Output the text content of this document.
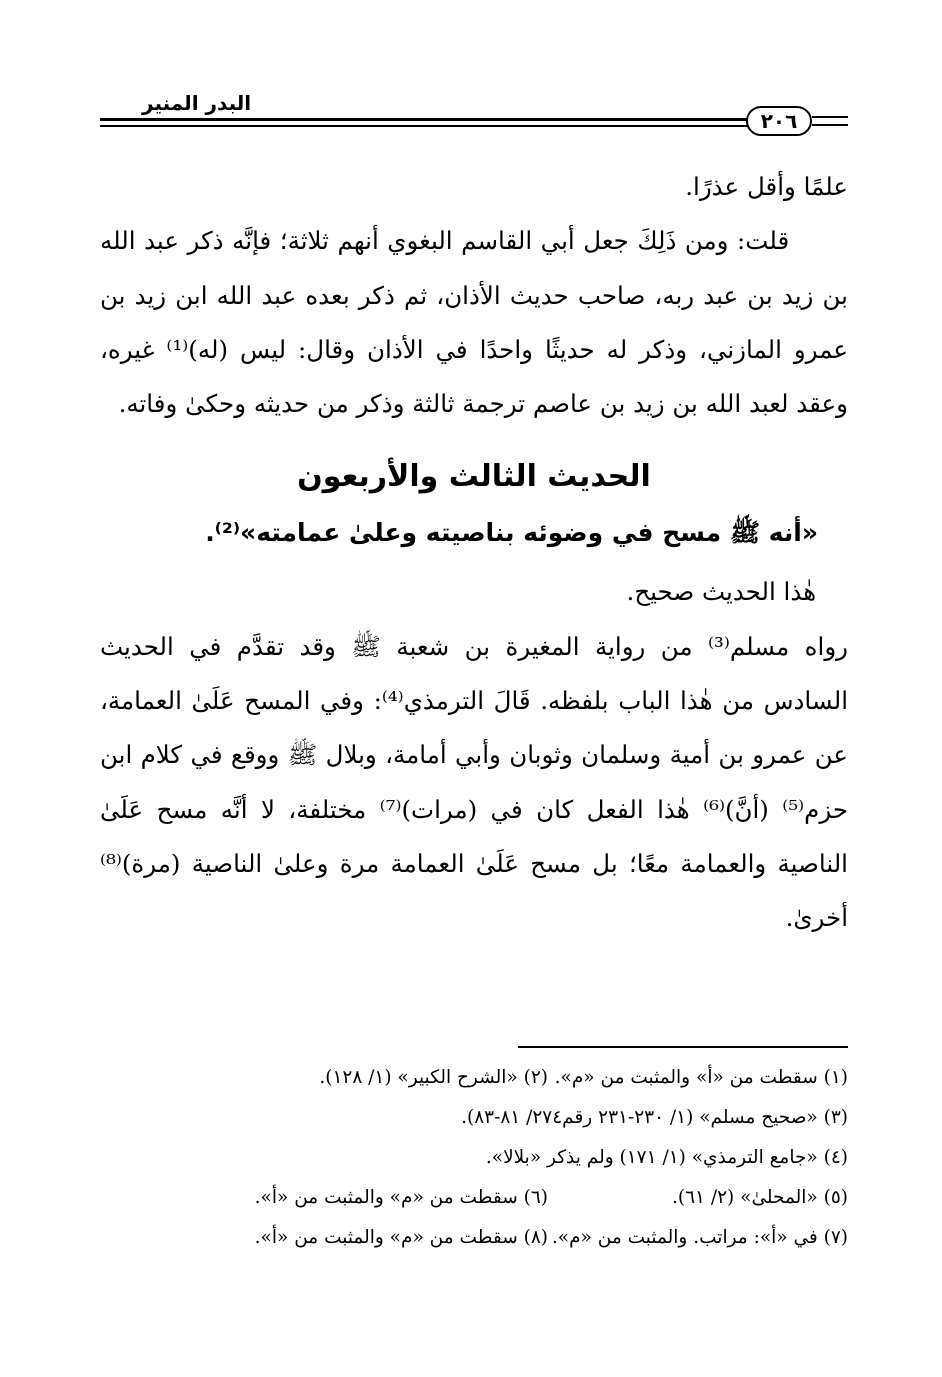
البدر المنير
٢٠٦

علمًا وأقل عذرًا.

قلت: ومن ذَلِكَ جعل أبي القاسم البغوي أنهم ثلاثة؛ فإنَّه ذكر عبد الله بن زيد بن عبد ربه، صاحب حديث الأذان، ثم ذكر بعده عبد الله ابن زيد بن عمرو المازني، وذكر له حديثًا واحدًا في الأذان وقال: ليس (له)⁽¹⁾ غيره، وعقد لعبد الله بن زيد بن عاصم ترجمة ثالثة وذكر من حديثه وحكىٰ وفاته.

الحديث الثالث والأربعون

«أنه ﷺ مسح في وضوئه بناصيته وعلىٰ عمامته»⁽²⁾.

هٰذا الحديث صحيح.

رواه مسلم⁽³⁾ من رواية المغيرة بن شعبة ﷺ وقد تقدَّم في الحديث السادس من هٰذا الباب بلفظه. قَالَ الترمذي⁽⁴⁾: وفي المسح عَلَىٰ العمامة، عن عمرو بن أمية وسلمان وثوبان وأبي أمامة، وبلال ﷺ ووقع في كلام ابن حزم⁽⁵⁾ (أنَّ)⁽⁶⁾ هٰذا الفعل كان في (مرات)⁽⁷⁾ مختلفة، لا أنَّه مسح عَلَىٰ الناصية والعمامة معًا؛ بل مسح عَلَىٰ العمامة مرة وعلىٰ الناصية (مرة)⁽⁸⁾ أخرىٰ.

(١) سقطت من «أ» والمثبت من «م».
(٢) «الشرح الكبير» (١/ ١٢٨).
(٣) «صحيح مسلم» (١/ ٢٣٠-٢٣١ رقم٢٧٤/ ٨١-٨٣).
(٤) «جامع الترمذي» (١/ ١٧١) ولم يذكر «بلالا».
(٥) «المحلىٰ» (٢/ ٦١).
(٦) سقطت من «م» والمثبت من «أ».
(٧) في «أ»: مراتب. والمثبت من «م».
(٨) سقطت من «م» والمثبت من «أ».
